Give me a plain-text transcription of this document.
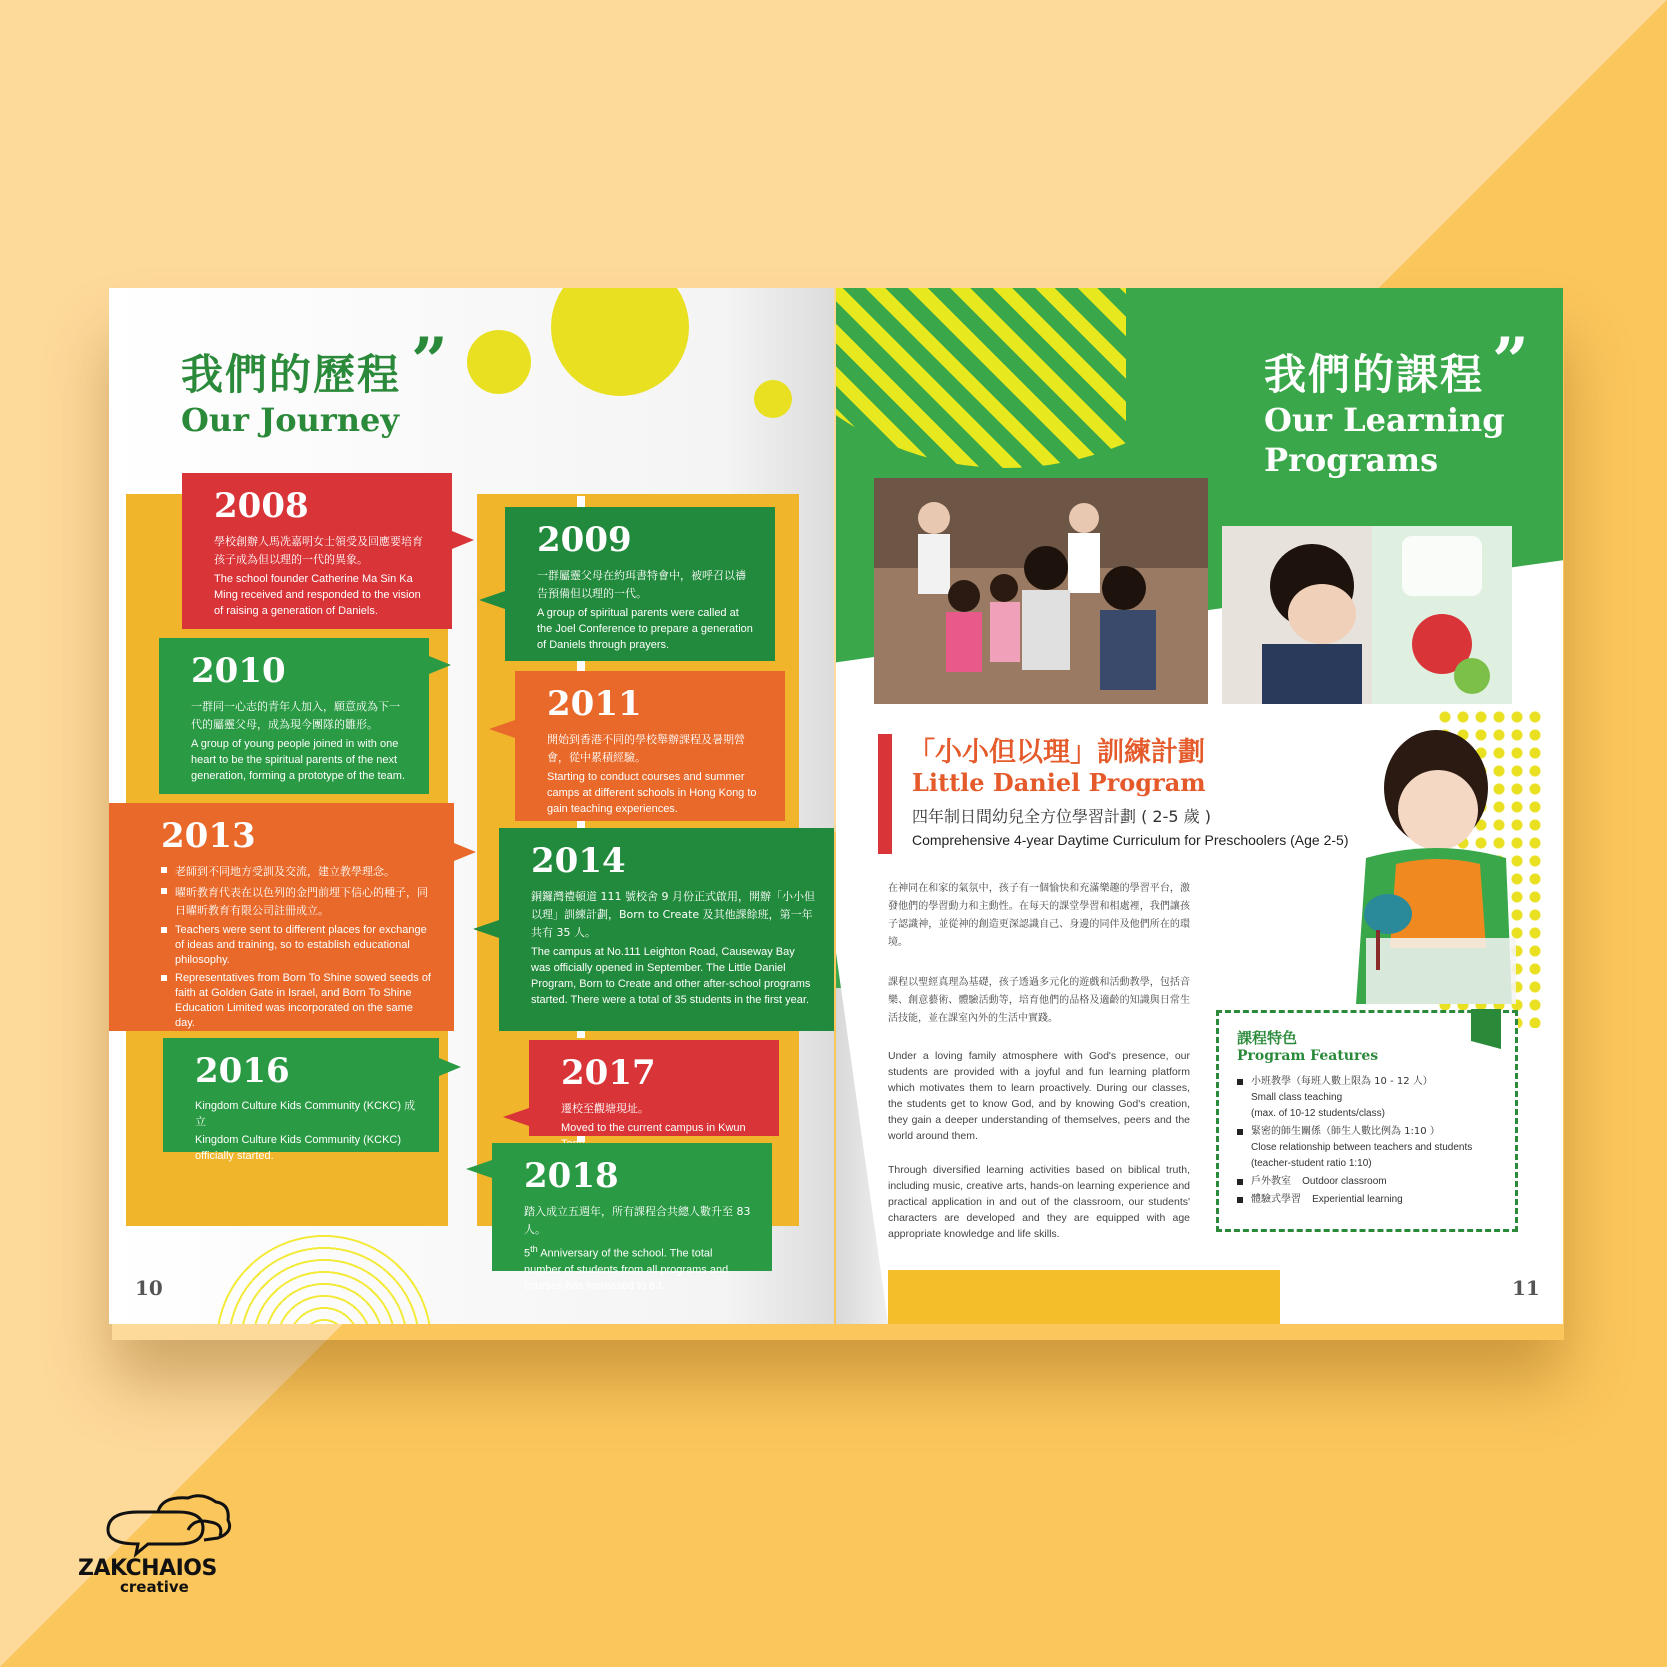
我們的歷程 ”
Our Journey
2008
學校創辦人馬冼嘉明女士領受及回應要培育孩子成為但以理的一代的異象。
The school founder Catherine Ma Sin Ka Ming received and responded to the vision of raising a generation of Daniels.
2009
一群屬靈父母在約珥書特會中，被呼召以禱告預備但以理的一代。
A group of spiritual parents were called at the Joel Conference to prepare a generation of Daniels through prayers.
2010
一群同一心志的青年人加入，願意成為下一代的屬靈父母，成為現今團隊的雛形。
A group of young people joined in with one heart to be the spiritual parents of the next generation, forming a prototype of the team.
2011
開始到香港不同的學校舉辦課程及暑期營會，從中累積經驗。
Starting to conduct courses and summer camps at different schools in Hong Kong to gain teaching experiences.
2013
老師到不同地方受訓及交流，建立教學理念。
曜昕教育代表在以色列的金門前埋下信心的種子，同日曜昕教育有限公司註冊成立。
Teachers were sent to different places for exchange of ideas and training, so to establish educational philosophy.
Representatives from Born To Shine sowed seeds of faith at Golden Gate in Israel, and Born To Shine Education Limited was incorporated on the same day.
2014
銅鑼灣禮頓道 111 號校舍 9 月份正式啟用，開辦「小小但以理」訓練計劃，Born to Create 及其他課餘班，第一年共有 35 人。
The campus at No.111 Leighton Road, Causeway Bay was officially opened in September. The Little Daniel Program, Born to Create and other after-school programs started. There were a total of 35 students in the first year.
2016
Kingdom Culture Kids Community (KCKC) 成立
Kingdom Culture Kids Community (KCKC) officially started.
2017
遷校至觀塘現址。
Moved to the current campus in Kwun
2018
踏入成立五週年，所有課程合共總人數升至 83 人。
5th Anniversary of the school. The total number of students from all programs and courses has increased to 83.
10
我們的課程 ”
Our Learning
Programs
「小小但以理」訓練計劃
Little Daniel Program
四年制日間幼兒全方位學習計劃 ( 2-5 歲 )
Comprehensive 4-year Daytime Curriculum for Preschoolers (Age 2-5)
在神同在和家的氣氛中，孩子有一個愉快和充滿樂趣的學習平台，激發他們的學習動力和主動性。在每天的課堂學習和相處裡，我們讓孩子認識神，並從神的創造更深認識自己、身邊的同伴及他們所在的環境。
課程以聖經真理為基礎，孩子透過多元化的遊戲和活動教學，包括音樂、創意藝術、體驗活動等，培育他們的品格及適齡的知識與日常生活技能，並在課室內外的生活中實踐。
Under a loving family atmosphere with God's presence, our students are provided with a joyful and fun learning platform which motivates them to learn proactively. During our classes, the students get to know God, and by knowing God's creation, they gain a deeper understanding of themselves, peers and the world around them.
Through diversified learning activities based on biblical truth, including music, creative arts, hands-on learning experience and practical application in and out of the classroom, our students' characters are developed and they are equipped with age appropriate knowledge and life skills.
課程特色
Program Features
小班教學（每班人數上限為 10 - 12 人）
Small class teaching
(max. of 10-12 students/class)
緊密的師生關係（師生人數比例為 1:10 ）
Close relationship between teachers and students
(teacher-student ratio 1:10)
戶外教室 Outdoor classroom
體驗式學習 Experiential learning
11
ZAKCHAIOS
creative
